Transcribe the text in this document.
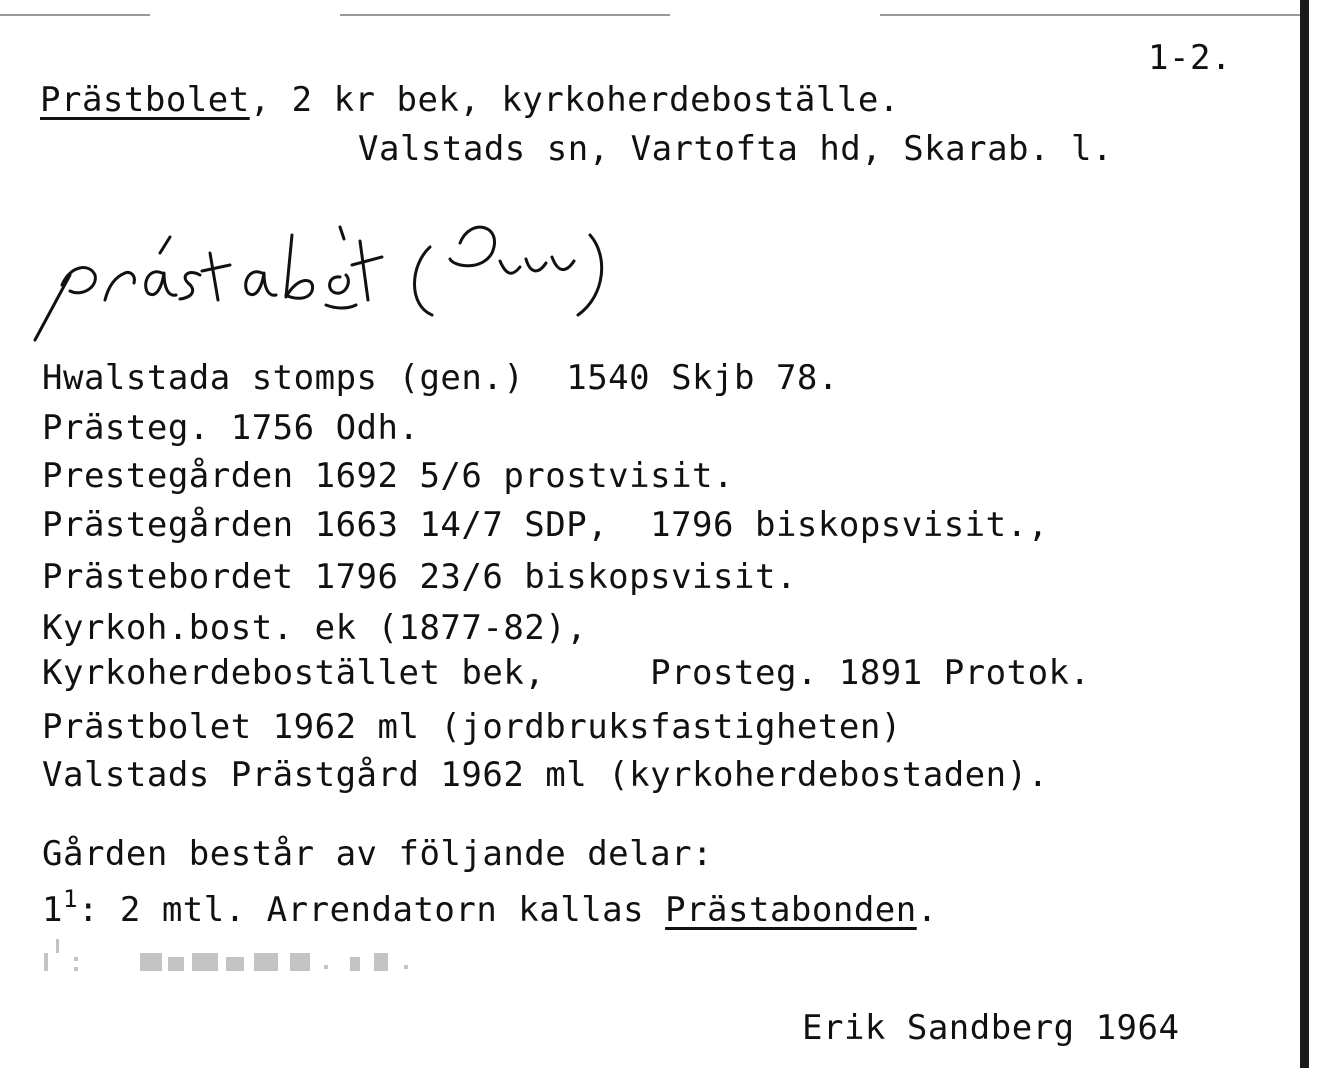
1-2.
Prästbolet, 2 kr bek, kyrkoherdeboställe.
Valstads sn, Vartofta hd, Skarab. l.
Hwalstada stomps (gen.)  1540 Skjb 78.
Prästeg. 1756 Odh.
Prestegården 1692 5/6 prostvisit.
Prästegården 1663 14/7 SDP,  1796 biskopsvisit.,
Prästebordet 1796 23/6 biskopsvisit.
Kyrkoh.bost. ek (1877-82),
Kyrkoherdebostället bek,     Prosteg. 1891 Protok.
Prästbolet 1962 ml (jordbruksfastigheten)
Valstads Prästgård 1962 ml (kyrkoherdebostaden).
Gården består av följande delar:
$1^1$: 2 mtl. Arrendatorn kallas Prästabonden.
Erik Sandberg 1964
